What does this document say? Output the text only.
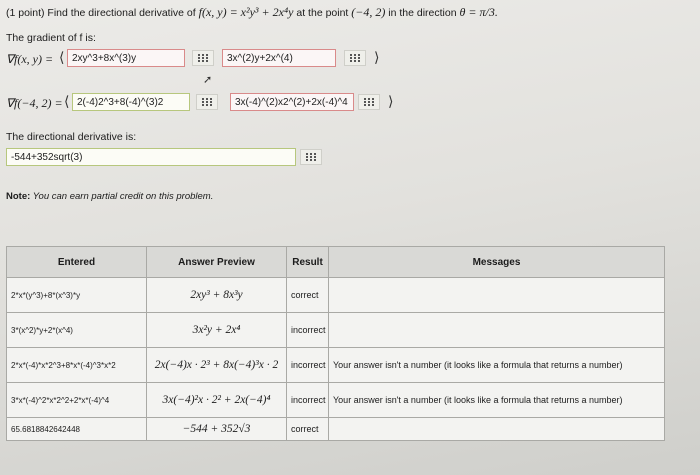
(1 point) Find the directional derivative of f(x, y) = x²y³ + 2x⁴y at the point (−4, 2) in the direction θ = π/3.
The gradient of f is:
∇f(x, y) = ⟨ 2xy^3+8x^(3)y	3x^(2)y+2x^(4)	⟩
➚
∇f(−4, 2) = ⟨ 2(-4)2^3+8(-4)^(3)2	3x(-4)^(2)x2^(2)+2x(-4)^4	⟩
The directional derivative is:
-544+352sqrt(3)
Note: You can earn partial credit on this problem.
Entered	Answer Preview	Result	Messages
2*x*(y^3)+8*(x^3)*y	2xy³ + 8x³y	correct	
3*(x^2)*y+2*(x^4)	3x²y + 2x⁴	incorrect	
2*x*(-4)*x*2^3+8*x*(-4)^3*x*2	2x(−4)x · 2³ + 8x(−4)³x · 2	incorrect	Your answer isn't a number (it looks like a formula that returns a number)
3*x*(-4)^2*x*2^2+2*x*(-4)^4	3x(−4)²x · 2² + 2x(−4)⁴	incorrect	Your answer isn't a number (it looks like a formula that returns a number)
65.6818842642448	−544 + 352√3	correct	
